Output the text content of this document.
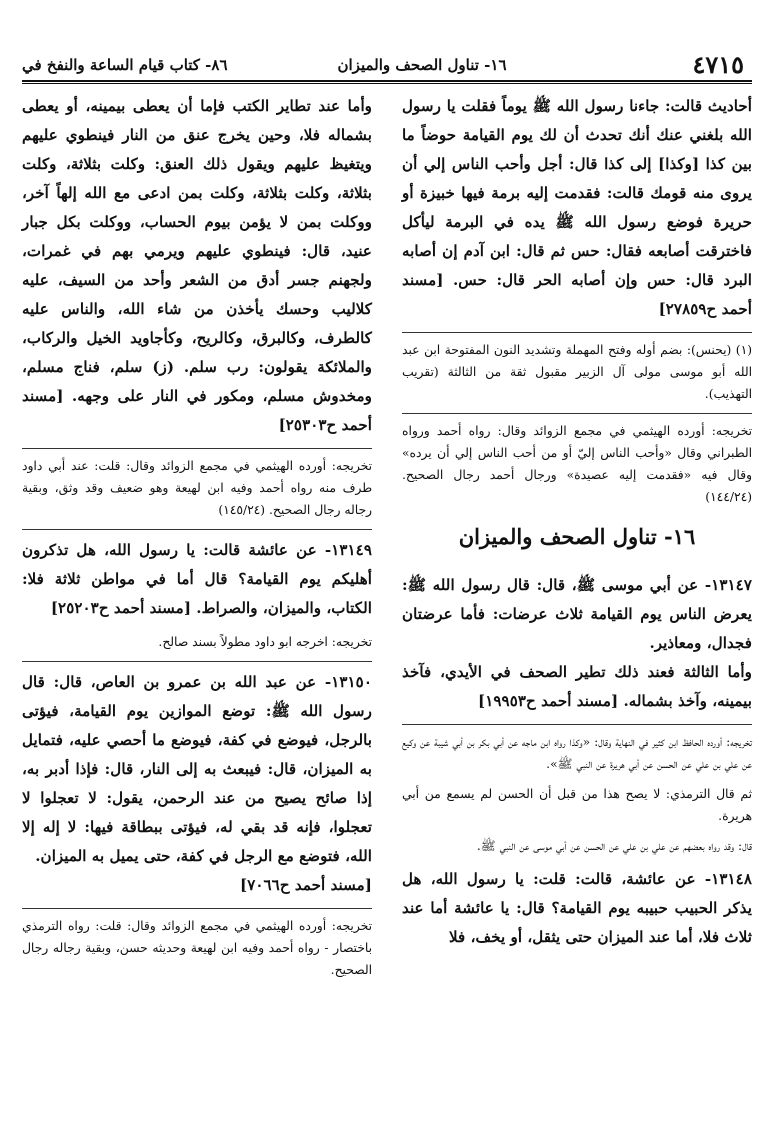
٤٧١٥
١٦- تناول الصحف والميزان
٨٦- كتاب قيام الساعة والنفخ في

أحاديث قالت: جاءنا رسول الله ﷺ يوماً فقلت يا رسول الله بلغني عنك أنك تحدث أن لك يوم القيامة حوضاً ما بين كذا [وكذا] إلى كذا قال: أجل وأحب الناس إلي أن يروى منه قومك قالت: فقدمت إليه برمة فيها خبيزة أو حريرة فوضع رسول الله ﷺ يده في البرمة ليأكل فاخترقت أصابعه فقال: حس ثم قال: ابن آدم إن أصابه البرد قال: حس وإن أصابه الحر قال: حس. [مسند أحمد ح٢٧٨٥٩]

(١) (يحنس): بضم أوله وفتح المهملة وتشديد النون المفتوحة ابن عبد الله أبو موسى مولى آل الزبير مقبول ثقة من الثالثة (تقريب التهذيب).

تخريجه: أورده الهيثمي في مجمع الزوائد وقال: رواه أحمد ورواه الطبراني وقال «وأحب الناس إليّ أو من أحب الناس إلي أن يرده» وقال فيه «فقدمت إليه عصيدة» ورجال أحمد رجال الصحيح. (١٤٤/٢٤)

١٦- تناول الصحف والميزان

١٣١٤٧- عن أبي موسى ﷺ، قال: قال رسول الله ﷺ: يعرض الناس يوم القيامة ثلاث عرضات: فأما عرضتان فجدال، ومعاذير.

وأما الثالثة فعند ذلك تطير الصحف في الأيدي، فآخذ بيمينه، وآخذ بشماله. [مسند أحمد ح١٩٩٥٣]

تخريجه: أورده الحافظ ابن كثير في النهاية وقال: «وكذا رواه ابن ماجه عن أبي بكر بن أبي شيبة عن وكيع عن علي بن علي عن الحسن عن أبي هريرة عن النبي ﷺ».

ثم قال الترمذي: لا يصح هذا من قبل أن الحسن لم يسمع من أبي هريرة.

قال: وقد رواه بعضهم عن علي بن علي عن الحسن عن أبي موسى عن النبي ﷺ.

١٣١٤٨- عن عائشة، قالت: قلت: يا رسول الله، هل يذكر الحبيب حبيبه يوم القيامة؟ قال: يا عائشة أما عند ثلاث فلا، أما عند الميزان حتى يثقل، أو يخف، فلا

وأما عند تطاير الكتب فإما أن يعطى بيمينه، أو يعطى بشماله فلا، وحين يخرج عنق من النار فينطوي عليهم ويتغيظ عليهم ويقول ذلك العنق: وكلت بثلاثة، وكلت بثلاثة، وكلت بثلاثة، وكلت بمن ادعى مع الله إلهاً آخر، ووكلت بمن لا يؤمن بيوم الحساب، ووكلت بكل جبار عنيد، قال: فينطوي عليهم ويرمي بهم في غمرات، ولجهنم جسر أدق من الشعر وأحد من السيف، عليه كلاليب وحسك يأخذن من شاء الله، والناس عليه كالطرف، وكالبرق، وكالريح، وكأجاويد الخيل والركاب، والملائكة يقولون: رب سلم. (ز) سلم، فناج مسلم، ومخدوش مسلم، ومكور في النار على وجهه. [مسند أحمد ح٢٥٣٠٣]

تخريجه: أورده الهيثمي في مجمع الزوائد وقال: قلت: عند أبي داود طرف منه رواه أحمد وفيه ابن لهيعة وهو ضعيف وقد وثق، وبقية رجاله رجال الصحيح. (١٤٥/٢٤)

١٣١٤٩- عن عائشة قالت: يا رسول الله، هل تذكرون أهليكم يوم القيامة؟ قال أما في مواطن ثلاثة فلا: الكتاب، والميزان، والصراط. [مسند أحمد ح٢٥٢٠٣]

تخريجه: اخرجه ابو داود مطولاً بسند صالح.

١٣١٥٠- عن عبد الله بن عمرو بن العاص، قال: قال رسول الله ﷺ: توضع الموازين يوم القيامة، فيؤتى بالرجل، فيوضع في كفة، فيوضع ما أحصي عليه، فتمايل به الميزان، قال: فيبعث به إلى النار، قال: فإذا أدبر به، إذا صائح يصيح من عند الرحمن، يقول: لا تعجلوا لا تعجلوا، فإنه قد بقي له، فيؤتى ببطاقة فيها: لا إله إلا الله، فتوضع مع الرجل في كفة، حتى يميل به الميزان.

[مسند أحمد ح٧٠٦٦]

تخريجه: أورده الهيثمي في مجمع الزوائد وقال: قلت: رواه الترمذي باختصار - رواه أحمد وفيه ابن لهيعة وحديثه حسن، وبقية رجاله رجال الصحيح.
